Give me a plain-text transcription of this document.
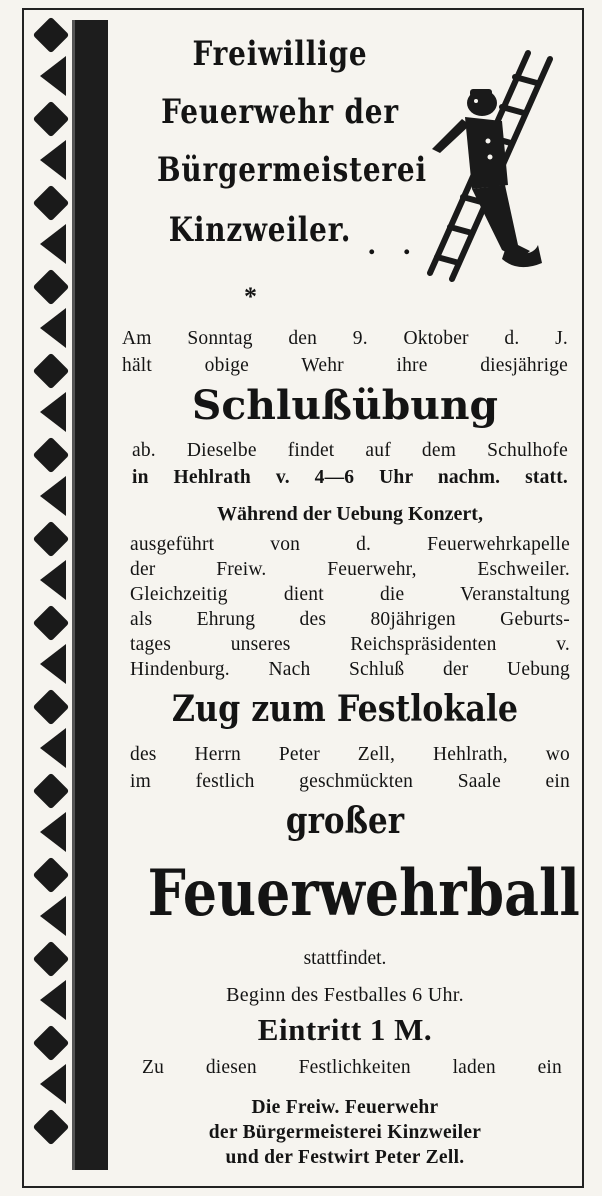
Freiwillige
Feuerwehr der
Bürgermeisterei
Kinzweiler. . .
*
Am Sonntag den 9. Oktober d. J.
hält obige Wehr ihre diesjährige
Schlußübung
ab. Dieselbe findet auf dem Schulhofe
in Hehlrath v. 4—6 Uhr nachm. statt.
Während der Uebung Konzert,
ausgeführt von d. Feuerwehrkapelle
der Freiw. Feuerwehr, Eschweiler.
Gleichzeitig dient die Veranstaltung
als Ehrung des 80jährigen Geburts-
tages unseres Reichspräsidenten v.
Hindenburg. Nach Schluß der Uebung
Zug zum Festlokale
des Herrn Peter Zell, Hehlrath, wo
im festlich geschmückten Saale ein
großer
Feuerwehrball
stattfindet.
Beginn des Festballes 6 Uhr.
Eintritt 1 M.
Zu diesen Festlichkeiten laden ein
Die Freiw. Feuerwehr
der Bürgermeisterei Kinzweiler
und der Festwirt Peter Zell.
